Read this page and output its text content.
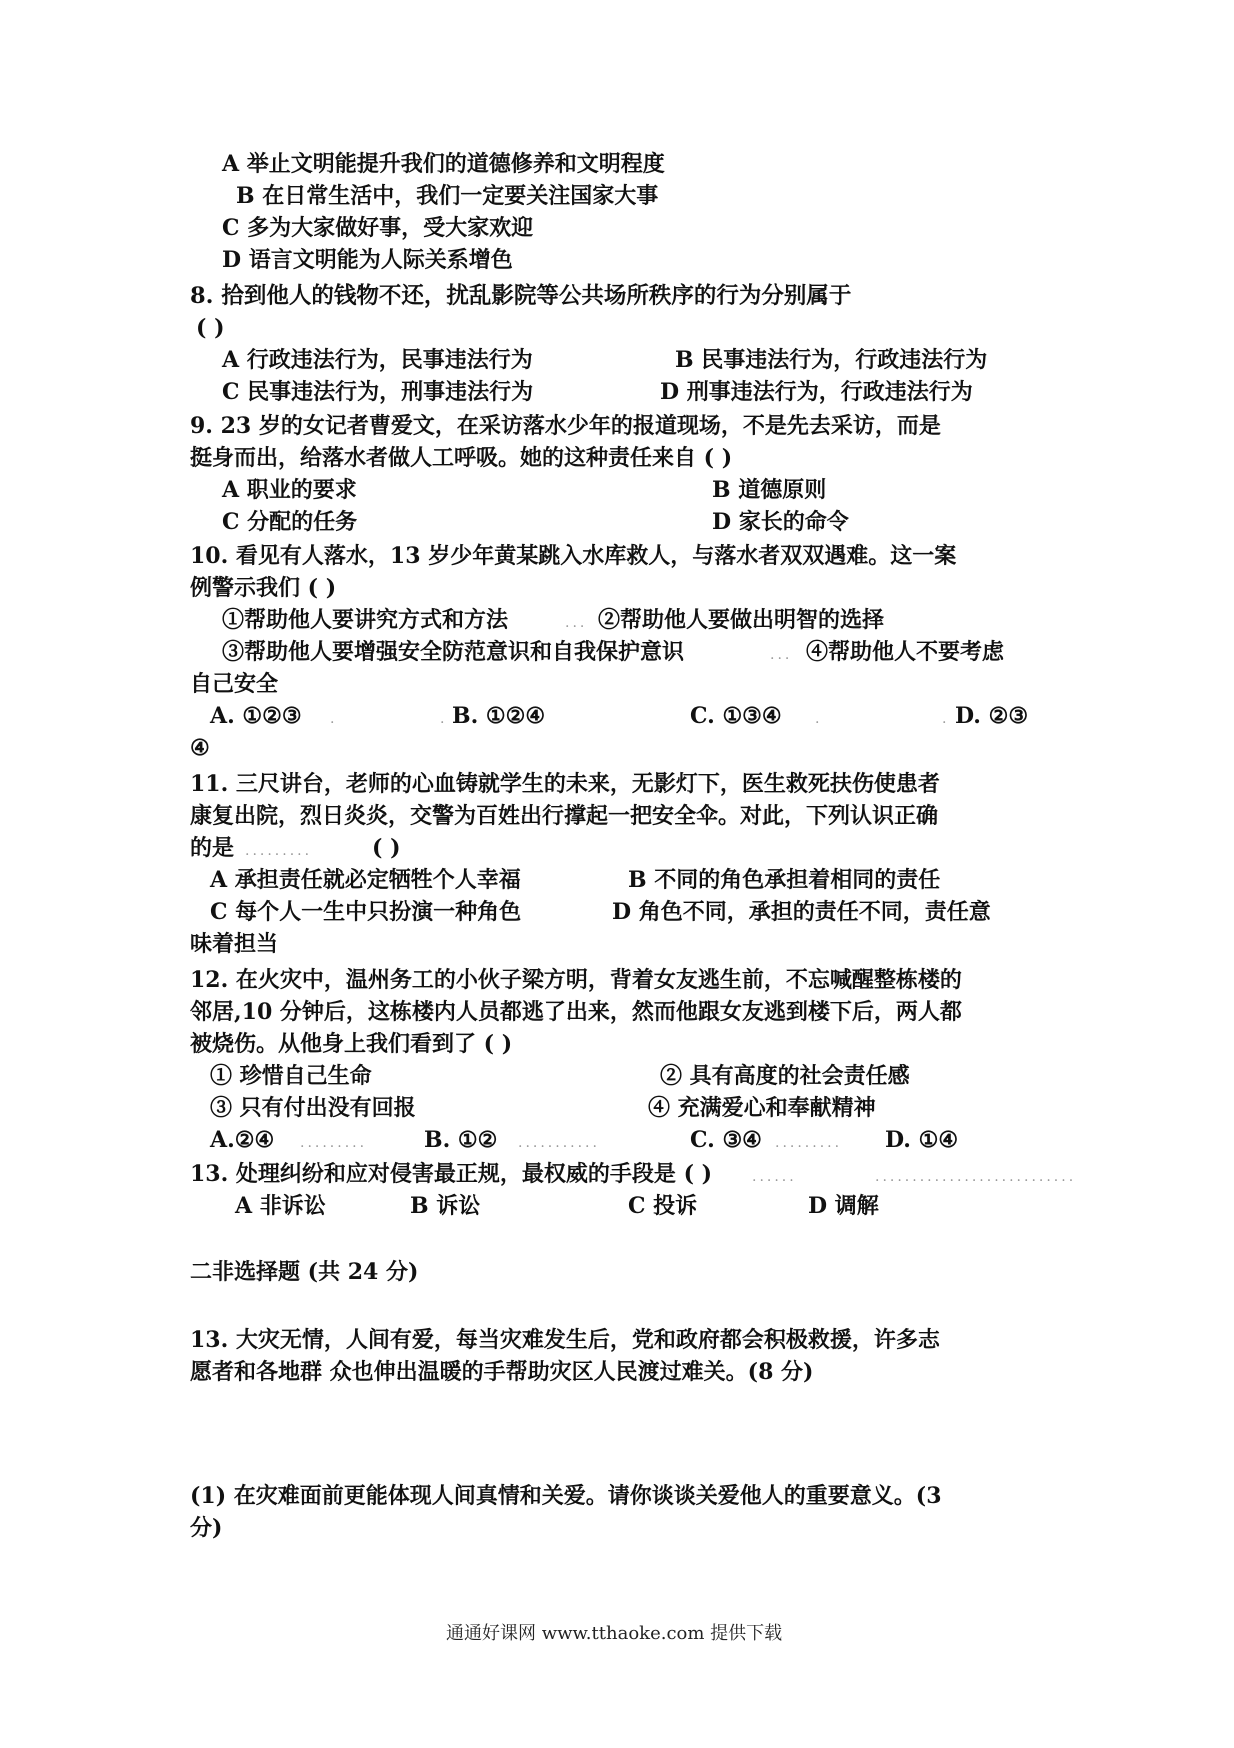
A 举止文明能提升我们的道德修养和文明程度
B 在日常生活中，我们一定要关注国家大事
C 多为大家做好事，受大家欢迎
D 语言文明能为人际关系增色
8. 拾到他人的钱物不还，扰乱影院等公共场所秩序的行为分别属于
( )
A 行政违法行为，民事违法行为	B 民事违法行为，行政违法行为
C 民事违法行为，刑事违法行为	D 刑事违法行为，行政违法行为
9. 23 岁的女记者曹爱文，在采访落水少年的报道现场，不是先去采访，而是
挺身而出，给落水者做人工呼吸。她的这种责任来自 ( )
A 职业的要求	B 道德原则
C 分配的任务	D 家长的命令
10. 看见有人落水，13 岁少年黄某跳入水库救人，与落水者双双遇难。这一案
例警示我们 ( )
①帮助他人要讲究方式和方法	... ②帮助他人要做出明智的选择
③帮助他人要增强安全防范意识和自我保护意识	... ④帮助他人不要考虑
自己安全
A. ①②③ .	. B. ①②④	C. ①③④ .	. D. ②③
④
11. 三尺讲台，老师的心血铸就学生的未来，无影灯下，医生救死扶伤使患者
康复出院，烈日炎炎，交警为百姓出行撑起一把安全伞。对此，下列认识正确
的是 .........	( )
A 承担责任就必定牺牲个人幸福	B 不同的角色承担着相同的责任
C 每个人一生中只扮演一种角色	D 角色不同，承担的责任不同，责任意
味着担当
12. 在火灾中，温州务工的小伙子梁方明，背着女友逃生前，不忘喊醒整栋楼的
邻居,10 分钟后，这栋楼内人员都逃了出来，然而他跟女友逃到楼下后，两人都
被烧伤。从他身上我们看到了 ( )
① 珍惜自己生命	② 具有高度的社会责任感
③ 只有付出没有回报	④ 充满爱心和奉献精神
A.②④ .........	B. ①② ...........	C. ③④ ......... D. ①④
13. 处理纠纷和应对侵害最正规，最权威的手段是 ( )	......	...........................
A 非诉讼	B 诉讼	C 投诉	D 调解
二非选择题 (共 24 分)
13. 大灾无情，人间有爱，每当灾难发生后，党和政府都会积极救援，许多志
愿者和各地群 众也伸出温暖的手帮助灾区人民渡过难关。(8 分)
(1) 在灾难面前更能体现人间真情和关爱。请你谈谈关爱他人的重要意义。(3
分)
通通好课网 www.tthaoke.com 提供下载
